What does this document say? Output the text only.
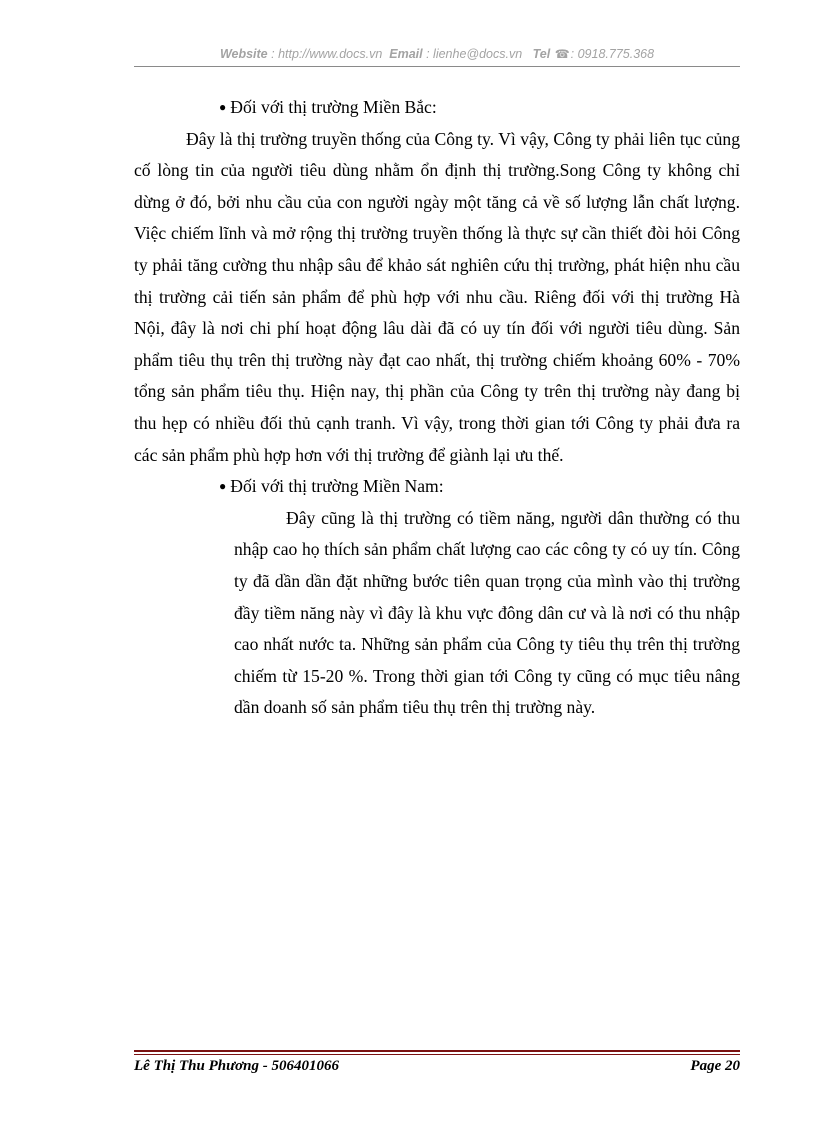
Website : http://www.docs.vn Email : lienhe@docs.vn Tel ☎: 0918.775.368

● Đối với thị trường Miền Bắc:

Đây là thị trường truyền thống của Công ty. Vì vậy, Công ty phải liên tục củng cố lòng tin của người tiêu dùng nhằm ổn định thị trường.Song Công ty không chỉ dừng ở đó, bởi nhu cầu của con người ngày một tăng cả về số lượng lẫn chất lượng. Việc chiếm lĩnh và mở rộng thị trường truyền thống là thực sự cần thiết đòi hỏi Công ty phải tăng cường thu nhập sâu để khảo sát nghiên cứu thị trường, phát hiện nhu cầu thị trường cải tiến sản phẩm để phù hợp với nhu cầu. Riêng đối với thị trường Hà Nội, đây là nơi chi phí hoạt động lâu dài đã có uy tín đối với người tiêu dùng. Sản phẩm tiêu thụ trên thị trường này đạt cao nhất, thị trường chiếm khoảng 60% - 70% tổng sản phẩm tiêu thụ. Hiện nay, thị phần của Công ty trên thị trường này đang bị thu hẹp có nhiều đối thủ cạnh tranh. Vì vậy, trong thời gian tới Công ty phải đưa ra các sản phẩm phù hợp hơn với thị trường để giành lại ưu thế.

● Đối với thị trường Miền Nam:

Đây cũng là thị trường có tiềm năng, người dân thường có thu nhập cao họ thích sản phẩm chất lượng cao các công ty có uy tín. Công ty đã dần dần đặt những bước tiên quan trọng của mình vào thị trường đầy tiềm năng này vì đây là khu vực đông dân cư và là nơi có thu nhập cao nhất nước ta. Những sản phẩm của Công ty tiêu thụ trên thị trường chiếm từ 15-20 %. Trong thời gian tới Công ty cũng có mục tiêu nâng dần doanh số sản phẩm tiêu thụ trên thị trường này.

Lê Thị Thu Phương - 506401066	Page 20
